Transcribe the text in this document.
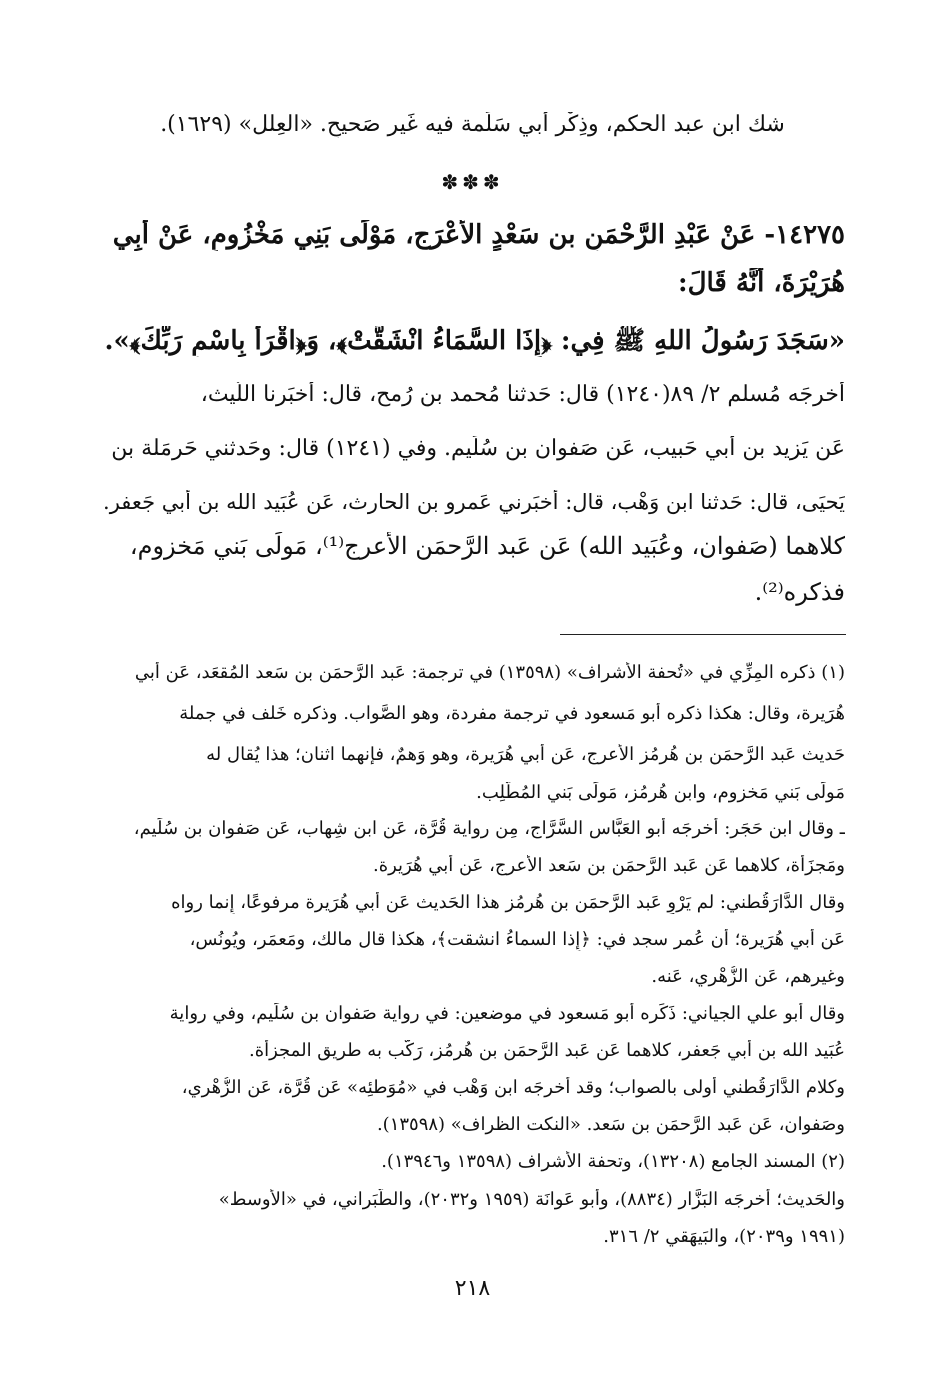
شك ابن عبد الحكم، وذِكْر أبي سَلَمة فيه غَير صَحيحٍ. «العِلل» (١٦٢٩).
✽✽✽
١٤٢٧٥- عَنْ عَبْدِ الرَّحْمَنِ بن سَعْدٍ الأَعْرَجِ، مَوْلَى بَنِي مَخْزُومٍ، عَنْ أَبِي
هُرَيْرَةَ، أَنَّهُ قَالَ:
«سَجَدَ رَسُولُ اللهِ ﷺ فِي: ﴿إِذَا السَّمَاءُ انْشَقَّتْ﴾، وَ﴿اقْرَأْ بِاسْمِ رَبِّكَ﴾».
أَخرجَه مُسلم ٢/ ٨٩(١٢٤٠) قال: حَدثنا مُحمد بن رُمح، قال: أَخبَرنا اللَّيث،
عَن يَزيد بن أَبي حَبيب، عَن صَفوان بن سُلَيم. وفي (١٢٤١) قال: وحَدثني حَرمَلة بن
يَحيَى، قال: حَدثنا ابن وَهْب، قال: أَخبَرني عَمرو بن الحارث، عَن عُبَيد الله بن أَبي جَعفر.
كلاهما (صَفوان، وعُبَيد الله) عَن عَبد الرَّحمَن الأَعرج⁽¹⁾، مَولَى بَني مَخزوم،
فذكره⁽²⁾.
(١) ذكره المِزِّي في «تُحفة الأَشراف» (١٣٥٩٨) في ترجمة: عَبد الرَّحمَن بن سَعد المُقعَد، عَن أَبي
هُرَيرة، وقال: هكذا ذكره أبو مَسعود في ترجمة مفردة، وهو الصَّواب. وذكره خَلف في جملة
حَديث عَبد الرَّحمَن بن هُرمُز الأَعرج، عَن أَبي هُرَيرة، وهو وَهمٌ، فإنهما اثنان؛ هذا يُقال له
مَولَى بَني مَخزوم، وابن هُرمُز، مَولَى بَني المُطَّلِب.
ـ وقال ابن حَجَر: أَخرجَه أَبو العَبَّاس السَّرَّاج، مِن رواية قُرَّة، عَن ابن شِهاب، عَن صَفوان بن سُلَيم،
ومَجزَأَة، كلاهما عَن عَبد الرَّحمَن بن سَعد الأَعرج، عَن أَبي هُرَيرة.
وقال الدَّارَقُطني: لم يَرْوِ عَبد الرَّحمَن بن هُرمُز هذا الحَديث عَن أَبي هُرَيرة مرفوعًا، إِنما رواه
عَن أَبي هُرَيرة؛ أَن عُمر سجد في: ﴿إِذا السماءُ انشقت﴾، هكذا قال مالك، ومَعمَر، ويُونُس،
وغيرهم، عَن الزُّهْري، عَنه.
وقال أبو علي الجياني: ذَكَره أَبو مَسعود في موضعين: في رواية صَفوان بن سُلَيم، وفي رواية
عُبَيد الله بن أَبي جَعفر، كلاهما عَن عَبد الرَّحمَن بن هُرمُز، رَكَّب به طريق المجزأة.
وكلام الدَّارَقُطني أَولى بالصواب؛ وقد أَخرجَه ابن وَهْب في «مُوَطئِه» عَن قُرَّة، عَن الزُّهْري،
وصَفوان، عَن عَبد الرَّحمَن بن سَعد. «النكت الظراف» (١٣٥٩٨).
(٢) المسند الجامع (١٣٢٠٨)، وتحفة الأَشراف (١٣٥٩٨ و١٣٩٤٦).
والحَديث؛ أَخرجَه البَزَّار (٨٨٣٤)، وأَبو عَوانَة (١٩٥٩ و٢٠٣٢)، والطَّبَراني، في «الأَوسط»
(١٩٩١ و٢٠٣٩)، والبَيهَقي ٢/ ٣١٦.
٢١٨
